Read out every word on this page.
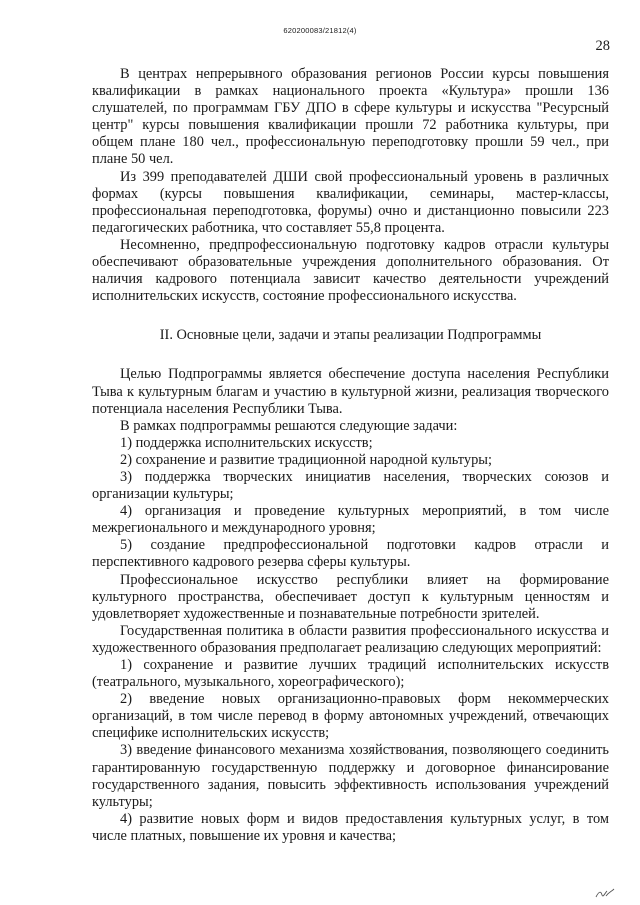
620200083/21812(4)
28

В центрах непрерывного образования регионов России курсы повышения квалификации в рамках национального проекта «Культура» прошли 136 слушателей, по программам ГБУ ДПО в сфере культуры и искусства "Ресурсный центр" курсы повышения квалификации прошли 72 работника культуры, при общем плане 180 чел., профессиональную переподготовку прошли 59 чел., при плане 50 чел.

Из 399 преподавателей ДШИ свой профессиональный уровень в различных формах (курсы повышения квалификации, семинары, мастер-классы, профессиональная переподготовка, форумы) очно и дистанционно повысили 223 педагогических работника, что составляет 55,8 процента.

Несомненно, предпрофессиональную подготовку кадров отрасли культуры обеспечивают образовательные учреждения дополнительного образования. От наличия кадрового потенциала зависит качество деятельности учреждений исполнительских искусств, состояние профессионального искусства.

II. Основные цели, задачи и этапы реализации Подпрограммы

Целью Подпрограммы является обеспечение доступа населения Республики Тыва к культурным благам и участию в культурной жизни, реализация творческого потенциала населения Республики Тыва.

В рамках подпрограммы решаются следующие задачи:

1) поддержка исполнительских искусств;

2) сохранение и развитие традиционной народной культуры;

3) поддержка творческих инициатив населения, творческих союзов и организации культуры;

4) организация и проведение культурных мероприятий, в том числе межрегионального и международного уровня;

5) создание предпрофессиональной подготовки кадров отрасли и перспективного кадрового резерва сферы культуры.

Профессиональное искусство республики влияет на формирование культурного пространства, обеспечивает доступ к культурным ценностям и удовлетворяет художественные и познавательные потребности зрителей.

Государственная политика в области развития профессионального искусства и художественного образования предполагает реализацию следующих мероприятий:

1) сохранение и развитие лучших традиций исполнительских искусств (театрального, музыкального, хореографического);

2) введение новых организационно-правовых форм некоммерческих организаций, в том числе перевод в форму автономных учреждений, отвечающих специфике исполнительских искусств;

3) введение финансового механизма хозяйствования, позволяющего соединить гарантированную государственную поддержку и договорное финансирование государственного задания, повысить эффективность использования учреждений культуры;

4) развитие новых форм и видов предоставления культурных услуг, в том числе платных, повышение их уровня и качества;
